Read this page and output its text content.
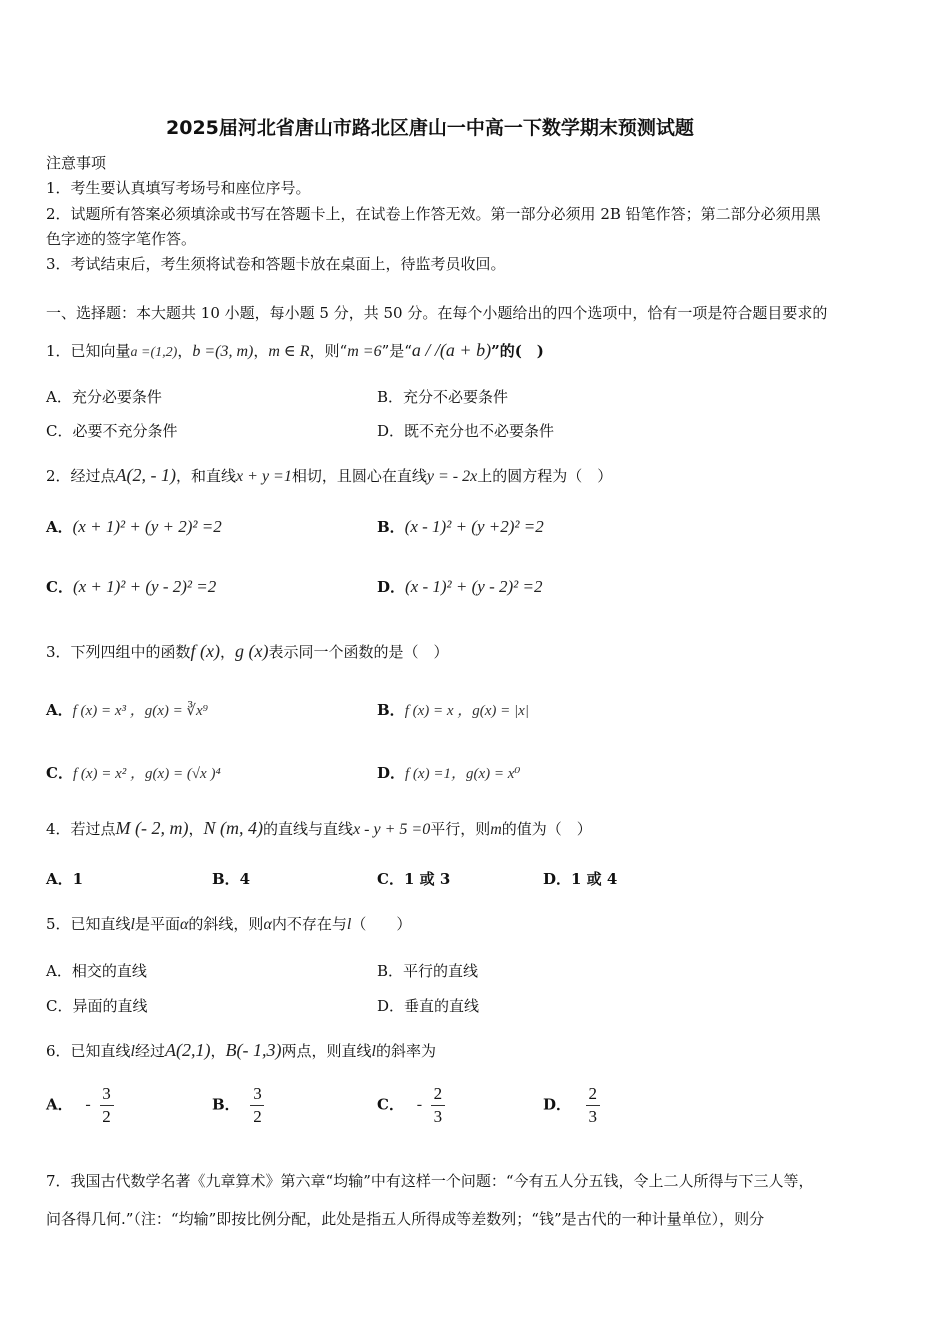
2025届河北省唐山市路北区唐山一中高一下数学期末预测试题
注意事项
1．考生要认真填写考场号和座位序号。
2．试题所有答案必须填涂或书写在答题卡上，在试卷上作答无效。第一部分必须用 2B 铅笔作答；第二部分必须用黑
色字迹的签字笔作答。
3．考试结束后，考生须将试卷和答题卡放在桌面上，待监考员收回。
一、选择题：本大题共 10 小题，每小题 5 分，共 50 分。在每个小题给出的四个选项中，恰有一项是符合题目要求的
1．已知向量a =(1,2)，b =(3, m)，m ∈ R，则“m =6”是“a / /(a + b)”的(　)
A．充分必要条件	B．充分不必要条件
C．必要不充分条件	D．既不充分也不必要条件
2．经过点A(2, - 1)，和直线x + y =1相切，且圆心在直线y = - 2x上的圆方程为（　）
A．(x + 1)² + (y + 2)² =2	B．(x - 1)² + (y +2)² =2
C．(x + 1)² + (y - 2)² =2	D．(x - 1)² + (y - 2)² =2
3．下列四组中的函数f (x)，g (x)表示同一个函数的是（　）
A．f (x) = x³ ，g(x) = ∛x⁹	B．f (x) = x ，g(x) = |x|
C．f (x) = x² ，g(x) = (√x )⁴	D．f (x) =1，g(x) = x⁰
4．若过点M (- 2, m)，N (m, 4)的直线与直线x - y + 5 =0平行，则m的值为（　）
A．1	B．4	C．1 或 3	D．1 或 4
5．已知直线l是平面α的斜线，则α内不存在与l（　　）
A．相交的直线	B．平行的直线
C．异面的直线	D．垂直的直线
6．已知直线l经过A(2,1)，B(- 1,3)两点，则直线l的斜率为
A． - $\frac{3}{2}$	B． $\frac{3}{2}$	C． - $\frac{2}{3}$	D． $\frac{2}{3}$
7．我国古代数学名著《九章算术》第六章“均输”中有这样一个问题：“今有五人分五钱，令上二人所得与下三人等，
问各得几何.”（注：“均输”即按比例分配，此处是指五人所得成等差数列；“钱”是古代的一种计量单位），则分
